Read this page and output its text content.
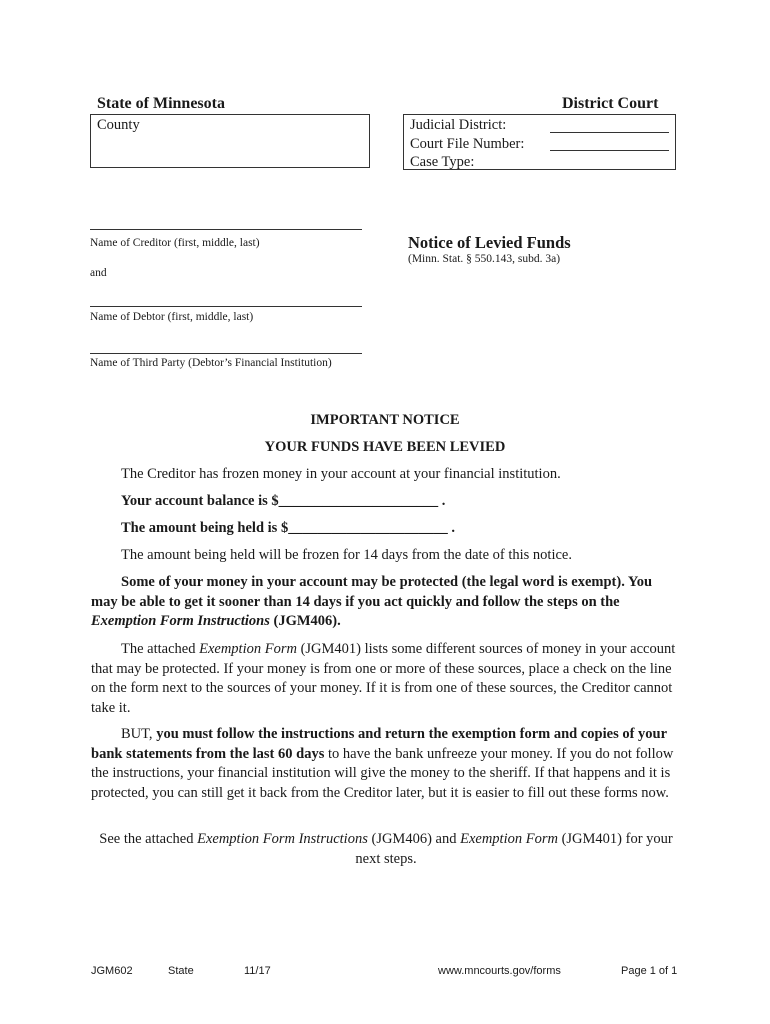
State of Minnesota	District Court
County	Judicial District:
Court File Number:
Case Type:
Name of Creditor (first, middle, last)
and
Name of Debtor (first, middle, last)
Name of Third Party (Debtor’s Financial Institution)
Notice of Levied Funds
(Minn. Stat. § 550.143, subd. 3a)
IMPORTANT NOTICE
YOUR FUNDS HAVE BEEN LEVIED
The Creditor has frozen money in your account at your financial institution.
Your account balance is $______________________ .
The amount being held is $______________________ .
The amount being held will be frozen for 14 days from the date of this notice.
Some of your money in your account may be protected (the legal word is exempt). You may be able to get it sooner than 14 days if you act quickly and follow the steps on the Exemption Form Instructions (JGM406).
The attached Exemption Form (JGM401) lists some different sources of money in your account that may be protected. If your money is from one or more of these sources, place a check on the line on the form next to the sources of your money. If it is from one of these sources, the Creditor cannot take it.
BUT, you must follow the instructions and return the exemption form and copies of your bank statements from the last 60 days to have the bank unfreeze your money. If you do not follow the instructions, your financial institution will give the money to the sheriff. If that happens and it is protected, you can still get it back from the Creditor later, but it is easier to fill out these forms now.
See the attached Exemption Form Instructions (JGM406) and Exemption Form (JGM401) for your next steps.
JGM602	State	11/17	www.mncourts.gov/forms	Page 1 of 1
